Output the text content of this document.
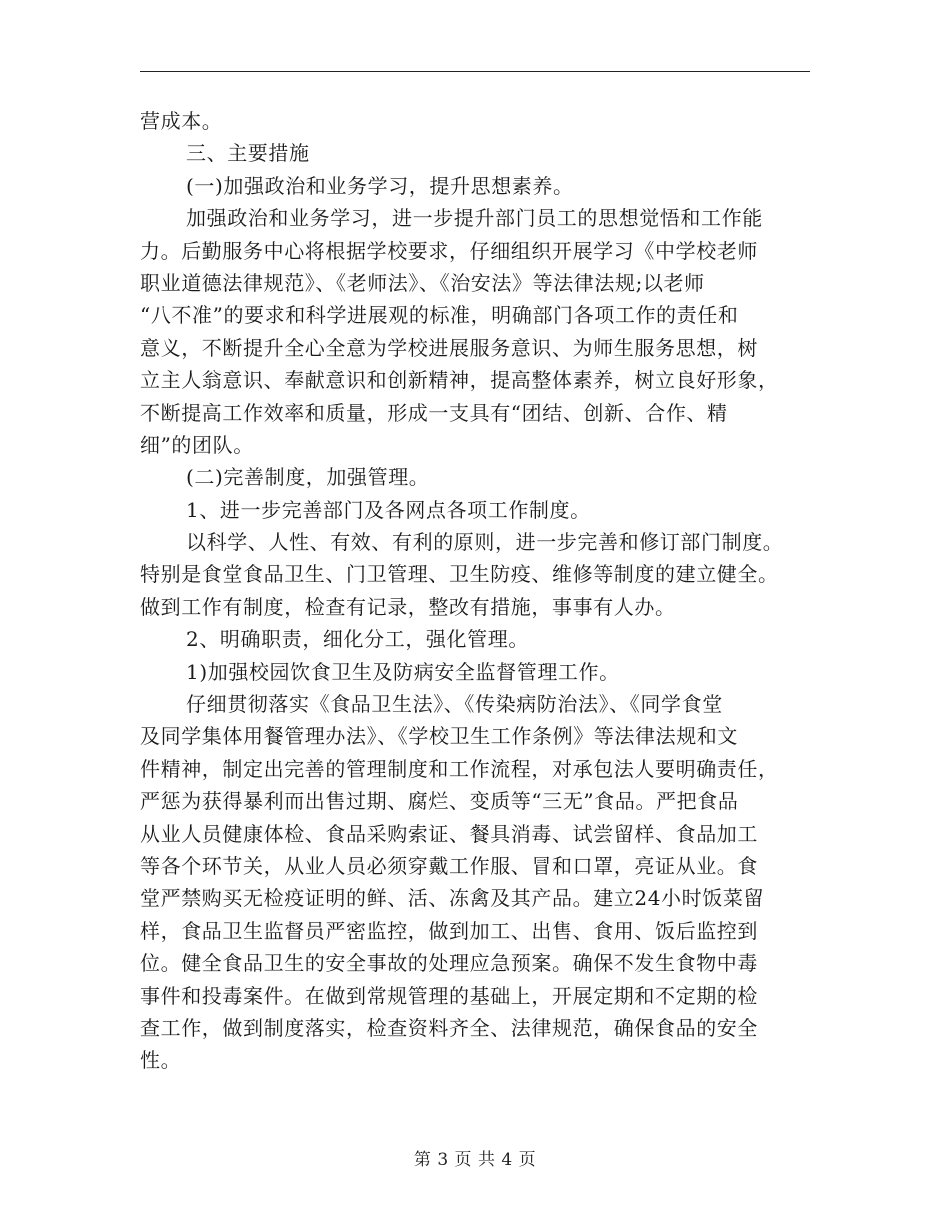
营成本。
三、主要措施
(一)加强政治和业务学习，提升思想素养。
加强政治和业务学习，进一步提升部门员工的思想觉悟和工作能
力。后勤服务中心将根据学校要求，仔细组织开展学习《中学校老师
职业道德法律规范》、《老师法》、《治安法》等法律法规;以老师
“八不准”的要求和科学进展观的标准，明确部门各项工作的责任和
意义，不断提升全心全意为学校进展服务意识、为师生服务思想，树
立主人翁意识、奉献意识和创新精神，提高整体素养，树立良好形象，
不断提高工作效率和质量，形成一支具有“团结、创新、合作、精
细”的团队。
(二)完善制度，加强管理。
1、进一步完善部门及各网点各项工作制度。
以科学、人性、有效、有利的原则，进一步完善和修订部门制度。
特别是食堂食品卫生、门卫管理、卫生防疫、维修等制度的建立健全。
做到工作有制度，检查有记录，整改有措施，事事有人办。
2、明确职责，细化分工，强化管理。
1)加强校园饮食卫生及防病安全监督管理工作。
仔细贯彻落实《食品卫生法》、《传染病防治法》、《同学食堂
及同学集体用餐管理办法》、《学校卫生工作条例》等法律法规和文
件精神，制定出完善的管理制度和工作流程，对承包法人要明确责任，
严惩为获得暴利而出售过期、腐烂、变质等“三无”食品。严把食品
从业人员健康体检、食品采购索证、餐具消毒、试尝留样、食品加工
等各个环节关，从业人员必须穿戴工作服、冒和口罩，亮证从业。食
堂严禁购买无检疫证明的鲜、活、冻禽及其产品。建立24小时饭菜留
样，食品卫生监督员严密监控，做到加工、出售、食用、饭后监控到
位。健全食品卫生的安全事故的处理应急预案。确保不发生食物中毒
事件和投毒案件。在做到常规管理的基础上，开展定期和不定期的检
查工作，做到制度落实，检查资料齐全、法律规范，确保食品的安全
性。
第 3 页 共 4 页
